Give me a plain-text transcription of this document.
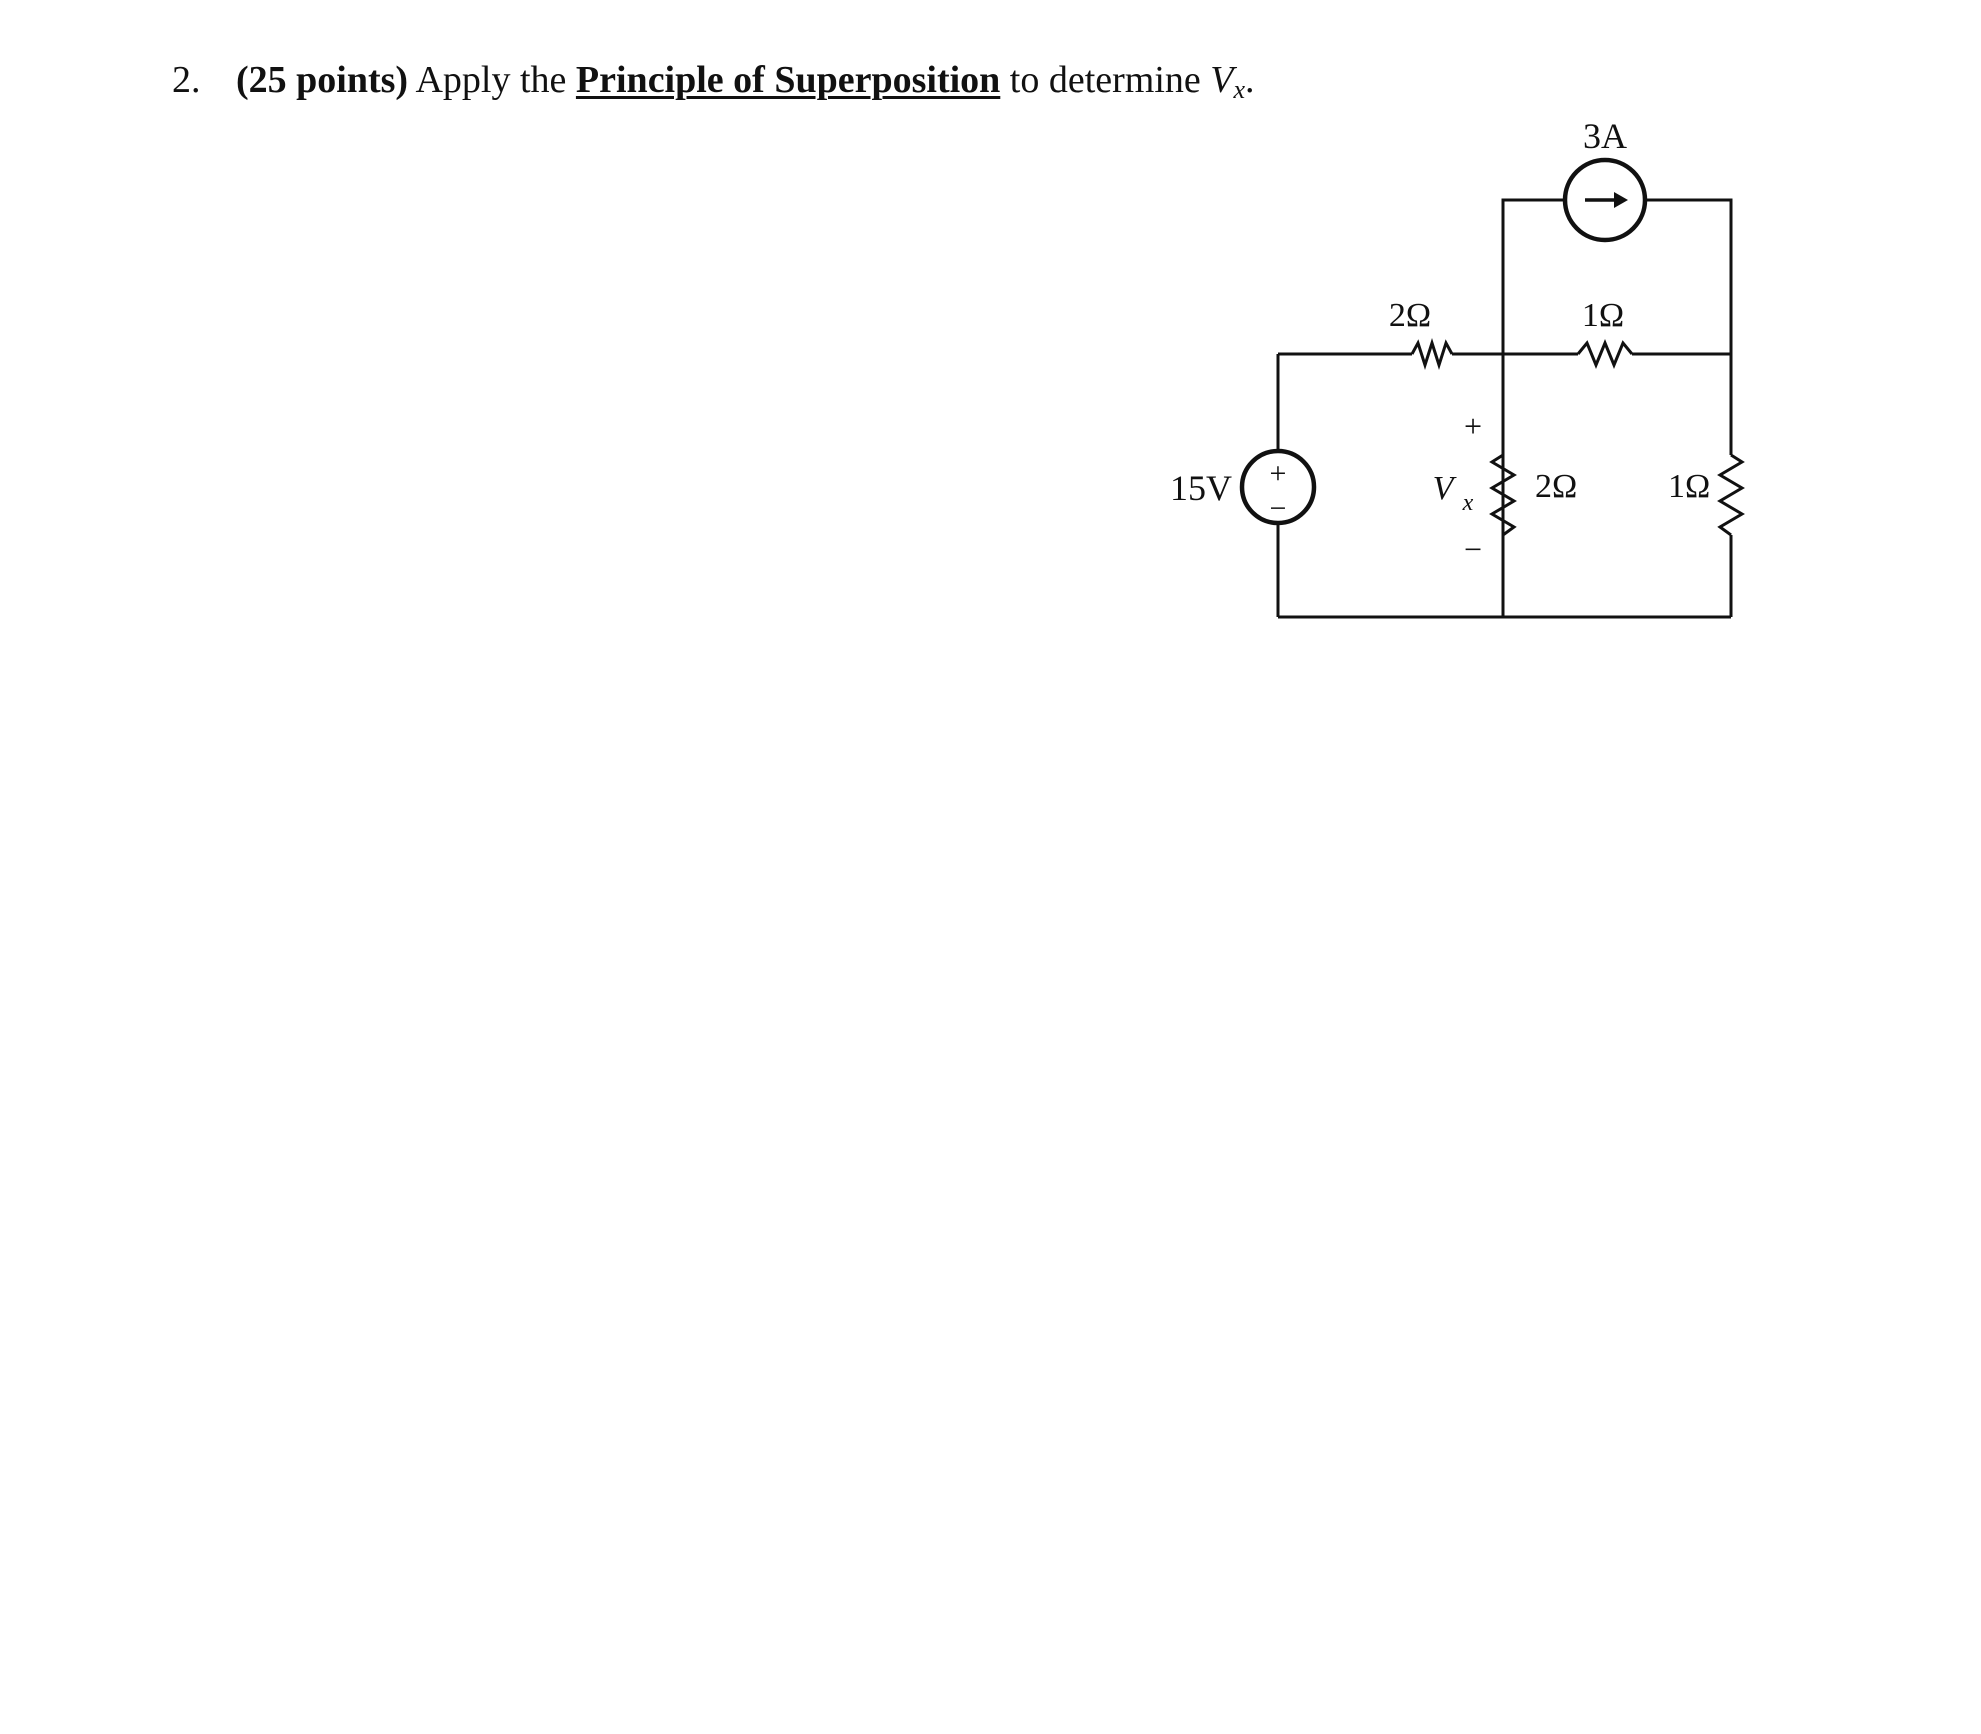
2. (25 points) Apply the Principle of Superposition to determine Vx.
3A
2Ω	1Ω
2Ω	1Ω
+
−
15V
+
V x
−
